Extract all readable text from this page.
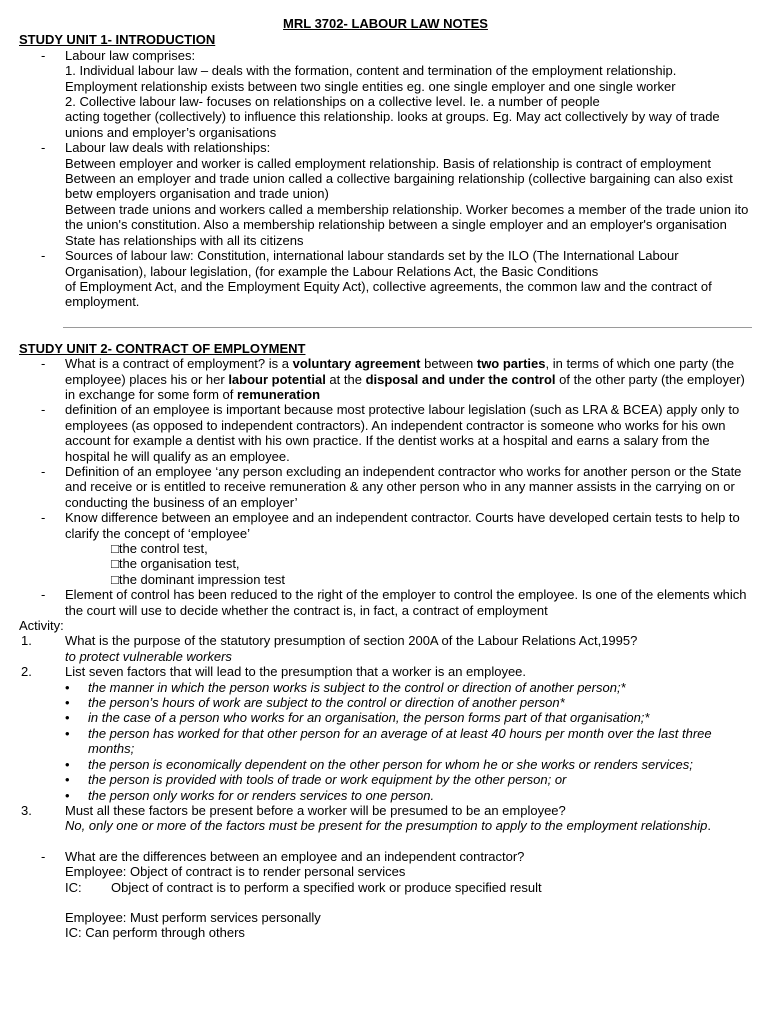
MRL 3702- LABOUR LAW NOTES
STUDY UNIT 1- INTRODUCTION
- Labour law comprises:
1. Individual labour law – deals with the formation, content and termination of the employment relationship. Employment relationship exists between two single entities eg. one single employer and one single worker
2. Collective labour law- focuses on relationships on a collective level. Ie. a number of people
acting together (collectively) to influence this relationship. looks at groups. Eg. May act collectively by way of trade unions and employer’s organisations
- Labour law deals with relationships:
Between employer and worker is called employment relationship. Basis of relationship is contract of employment
Between an employer and trade union called a collective bargaining relationship (collective bargaining can also exist betw employers organisation and trade union)
Between trade unions and workers called a membership relationship. Worker becomes a member of the trade union ito the union's constitution. Also a membership relationship between a single employer and an employer's organisation
State has relationships with all its citizens
- Sources of labour law: Constitution, international labour standards set by the ILO (The International Labour Organisation), labour legislation, (for example the Labour Relations Act, the Basic Conditions
of Employment Act, and the Employment Equity Act), collective agreements, the common law and the contract of employment.
STUDY UNIT 2- CONTRACT OF EMPLOYMENT
- What is a contract of employment? is a voluntary agreement between two parties, in terms of which one party (the employee) places his or her labour potential at the disposal and under the control of the other party (the employer) in exchange for some form of remuneration
- definition of an employee is important because most protective labour legislation (such as LRA & BCEA) apply only to employees (as opposed to independent contractors). An independent contractor is someone who works for his own account for example a dentist with his own practice. If the dentist works at a hospital and earns a salary from the hospital he will qualify as an employee.
- Definition of an employee ‘any person excluding an independent contractor who works for another person or the State and receive or is entitled to receive remuneration & any other person who in any manner assists in the carrying on or conducting the business of an employer’
- Know difference between an employee and an independent contractor. Courts have developed certain tests to help to clarify the concept of ‘employee’
□the control test,
□the organisation test,
□the dominant impression test
- Element of control has been reduced to the right of the employer to control the employee. Is one of the elements which the court will use to decide whether the contract is, in fact, a contract of employment
Activity:
1.	What is the purpose of the statutory presumption of section 200A of the Labour Relations Act,1995?
to protect vulnerable workers
2.	List seven factors that will lead to the presumption that a worker is an employee.
• the manner in which the person works is subject to the control or direction of another person;*
• the person’s hours of work are subject to the control or direction of another person*
• in the case of a person who works for an organisation, the person forms part of that organisation;*
• the person has worked for that other person for an average of at least 40 hours per month over the last three months;
• the person is economically dependent on the other person for whom he or she works or renders services;
• the person is provided with tools of trade or work equipment by the other person; or
• the person only works for or renders services to one person.
3.	Must all these factors be present before a worker will be presumed to be an employee?
No, only one or more of the factors must be present for the presumption to apply to the employment relationship.
- What are the differences between an employee and an independent contractor?
Employee: Object of contract is to render personal services
IC: Object of contract is to perform a specified work or produce specified result
Employee: Must perform services personally
IC: Can perform through others
